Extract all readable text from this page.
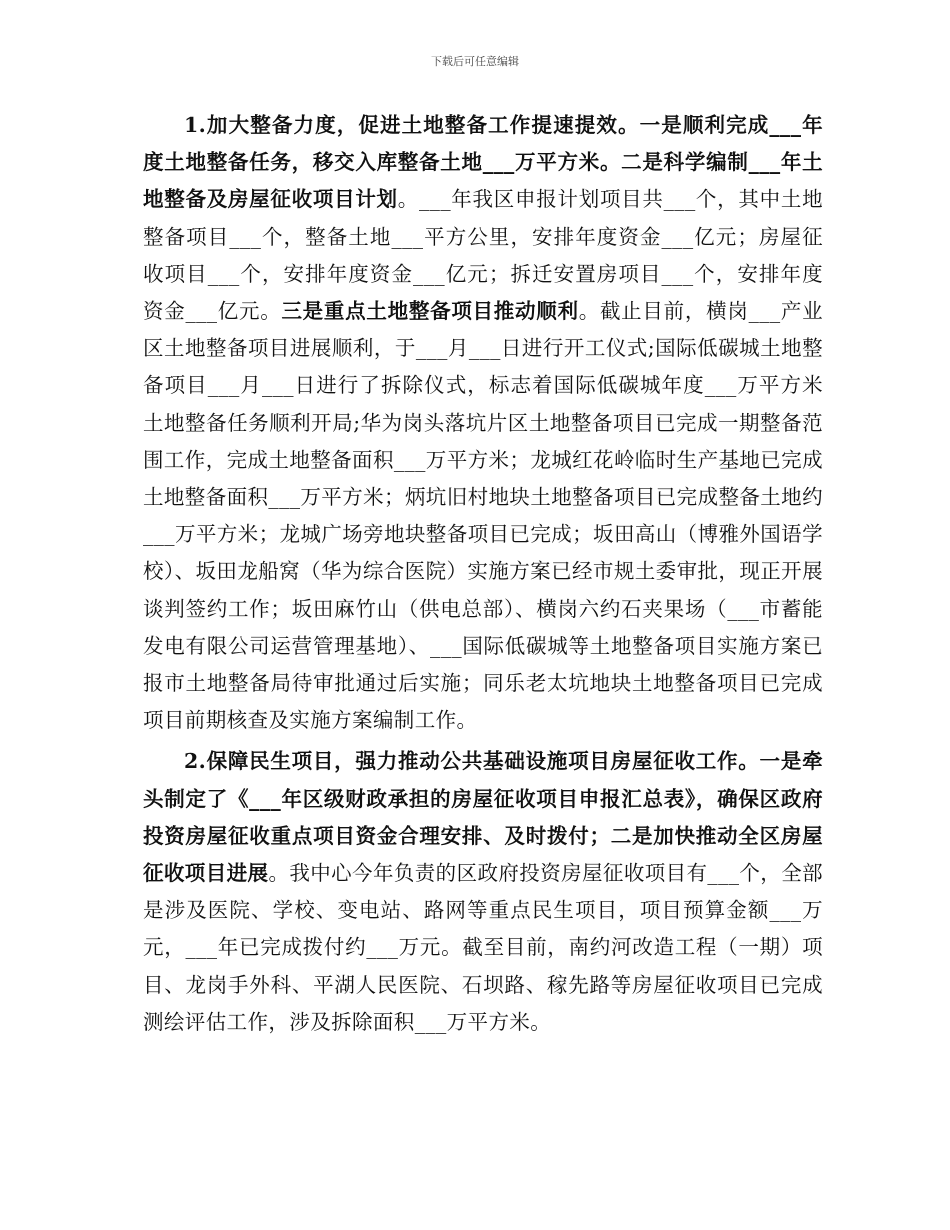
下载后可任意编辑

1.加大整备力度，促进土地整备工作提速提效。一是顺利完成___年度土地整备任务，移交入库整备土地___万平方米。二是科学编制___年土地整备及房屋征收项目计划。___年我区申报计划项目共___个，其中土地整备项目___个，整备土地___平方公里，安排年度资金___亿元；房屋征收项目___个，安排年度资金___亿元；拆迁安置房项目___个，安排年度资金___亿元。三是重点土地整备项目推动顺利。截止目前，横岗___产业区土地整备项目进展顺利，于___月___日进行开工仪式;国际低碳城土地整备项目___月___日进行了拆除仪式，标志着国际低碳城年度___万平方米土地整备任务顺利开局;华为岗头落坑片区土地整备项目已完成一期整备范围工作，完成土地整备面积___万平方米；龙城红花岭临时生产基地已完成土地整备面积___万平方米；炳坑旧村地块土地整备项目已完成整备土地约___万平方米；龙城广场旁地块整备项目已完成；坂田高山（博雅外国语学校）、坂田龙船窝（华为综合医院）实施方案已经市规土委审批，现正开展谈判签约工作；坂田麻竹山（供电总部）、横岗六约石夹果场（___市蓄能发电有限公司运营管理基地）、___国际低碳城等土地整备项目实施方案已报市土地整备局待审批通过后实施；同乐老太坑地块土地整备项目已完成项目前期核查及实施方案编制工作。

2.保障民生项目，强力推动公共基础设施项目房屋征收工作。一是牵头制定了《___年区级财政承担的房屋征收项目申报汇总表》，确保区政府投资房屋征收重点项目资金合理安排、及时拨付；二是加快推动全区房屋征收项目进展。我中心今年负责的区政府投资房屋征收项目有___个，全部是涉及医院、学校、变电站、路网等重点民生项目，项目预算金额___万元，___年已完成拨付约___万元。截至目前，南约河改造工程（一期）项目、龙岗手外科、平湖人民医院、石坝路、稼先路等房屋征收项目已完成测绘评估工作，涉及拆除面积___万平方米。
